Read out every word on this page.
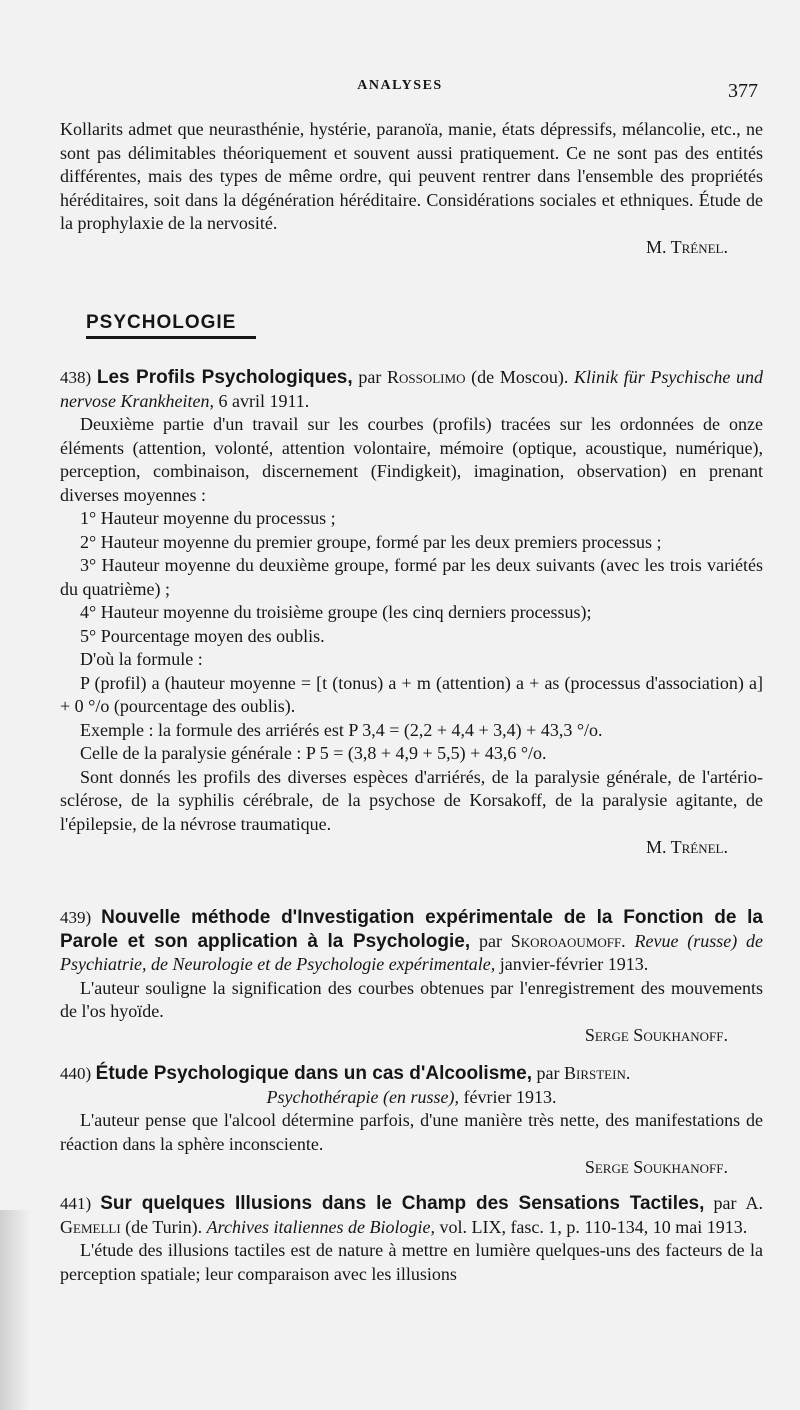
ANALYSES	377

Kollarits admet que neurasthénie, hystérie, paranoïa, manie, états dépressifs, mélancolie, etc., ne sont pas délimitables théoriquement et souvent aussi pratiquement. Ce ne sont pas des entités différentes, mais des types de même ordre, qui peuvent rentrer dans l'ensemble des propriétés héréditaires, soit dans la dégénération héréditaire. Considérations sociales et ethniques. Étude de la prophylaxie de la nervosité.

M. Trénel.

PSYCHOLOGIE

438) Les Profils Psychologiques, par Rossolimo (de Moscou). Klinik für Psychische und nervose Krankheiten, 6 avril 1911.

Deuxième partie d'un travail sur les courbes (profils) tracées sur les ordonnées de onze éléments (attention, volonté, attention volontaire, mémoire (optique, acoustique, numérique), perception, combinaison, discernement (Findigkeit), imagination, observation) en prenant diverses moyennes :

1° Hauteur moyenne du processus ;

2° Hauteur moyenne du premier groupe, formé par les deux premiers processus ;

3° Hauteur moyenne du deuxième groupe, formé par les deux suivants (avec les trois variétés du quatrième) ;

4° Hauteur moyenne du troisième groupe (les cinq derniers processus);

5° Pourcentage moyen des oublis.

D'où la formule :

P (profil) a (hauteur moyenne = [t (tonus) a + m (attention) a + as (processus d'association) a] + 0 °/o (pourcentage des oublis).

Exemple : la formule des arriérés est P 3,4 = (2,2 + 4,4 + 3,4) + 43,3 °/o.

Celle de la paralysie générale : P 5 = (3,8 + 4,9 + 5,5) + 43,6 °/o.

Sont donnés les profils des diverses espèces d'arriérés, de la paralysie générale, de l'artério-sclérose, de la syphilis cérébrale, de la psychose de Korsakoff, de la paralysie agitante, de l'épilepsie, de la névrose traumatique.

M. Trénel.

439) Nouvelle méthode d'Investigation expérimentale de la Fonction de la Parole et son application à la Psychologie, par Skoroaoumoff. Revue (russe) de Psychiatrie, de Neurologie et de Psychologie expérimentale, janvier-février 1913.

L'auteur souligne la signification des courbes obtenues par l'enregistrement des mouvements de l'os hyoïde.

Serge Soukhanoff.

440) Étude Psychologique dans un cas d'Alcoolisme, par Birstein.

Psychothérapie (en russe), février 1913.

L'auteur pense que l'alcool détermine parfois, d'une manière très nette, des manifestations de réaction dans la sphère inconsciente.

Serge Soukhanoff.

441) Sur quelques Illusions dans le Champ des Sensations Tactiles, par A. Gemelli (de Turin). Archives italiennes de Biologie, vol. LIX, fasc. 1, p. 110-134, 10 mai 1913.

L'étude des illusions tactiles est de nature à mettre en lumière quelques-uns des facteurs de la perception spatiale; leur comparaison avec les illusions
